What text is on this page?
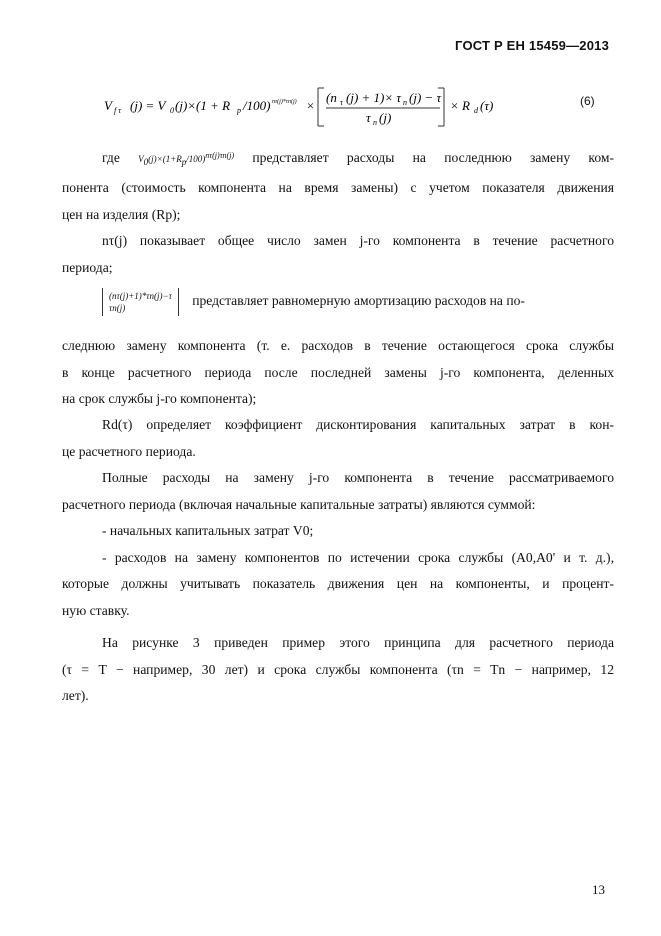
ГОСТ Р ЕН 15459—2013
V f τ (j) = V 0 (j)×(1 + R p /100) nτ(j)*τn(j) ×
(n τ (j) + 1)× τ n (j) − τ
τ n (j)
× R d (τ)	(6)
где $V_0(j)\times(1+R_p/100)^{n\tau(j)\tau n(j)}$ представляет расходы на последнюю замену ком-
понента (стоимость компонента на время замены) с учетом показателя движения
цен на изделия (Rp);
nτ(j) показывает общее число замен j-го компонента в течение расчетного
периода;
(nτ(j)+1)*τn(j)−τ
τn(j)	представляет равномерную амортизацию расходов на по-
следнюю замену компонента (т. е. расходов в течение остающегося срока службы
в конце расчетного периода после последней замены j-го компонента, деленных
на срок службы j-го компонента);
Rd(τ) определяет коэффициент дисконтирования капитальных затрат в кон-
це расчетного периода.
Полные расходы на замену j-го компонента в течение рассматриваемого
расчетного периода (включая начальные капитальные затраты) являются суммой:
- начальных капитальных затрат V0;
- расходов на замену компонентов по истечении срока службы (A0,A0' и т. д.),
которые должны учитывать показатель движения цен на компоненты, и процент-
ную ставку.
На рисунке 3 приведен пример этого принципа для расчетного периода
(τ = T − например, 30 лет) и срока службы компонента (τn = Tn − например, 12
лет).
13
